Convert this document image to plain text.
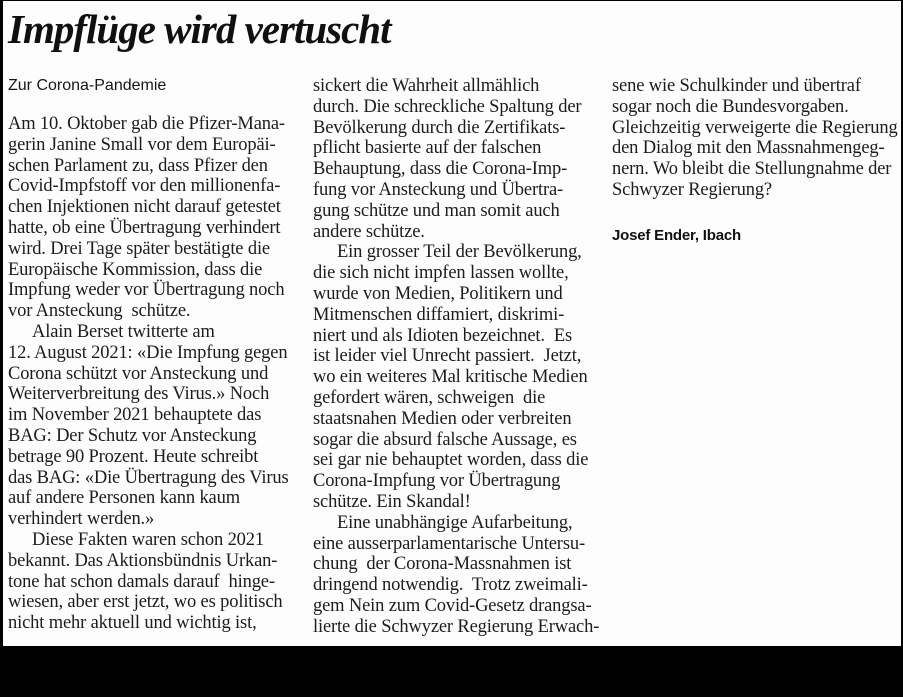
Impflüge wird vertuscht
Zur Corona-Pandemie
Am 10. Oktober gab die Pfizer-Mana-
gerin Janine Small vor dem Europäi-
schen Parlament zu, dass Pfizer den
Covid-Impfstoff vor den millionenfa-
chen Injektionen nicht darauf getestet
hatte, ob eine Übertragung verhindert
wird. Drei Tage später bestätigte die
Europäische Kommission, dass die
Impfung weder vor Übertragung noch
vor Ansteckung  schütze.
Alain Berset twitterte am
12. August 2021: «Die Impfung gegen
Corona schützt vor Ansteckung und
Weiterverbreitung des Virus.» Noch
im November 2021 behauptete das
BAG: Der Schutz vor Ansteckung
betrage 90 Prozent. Heute schreibt
das BAG: «Die Übertragung des Virus
auf andere Personen kann kaum
verhindert werden.»
Diese Fakten waren schon 2021
bekannt. Das Aktionsbündnis Urkan-
tone hat schon damals darauf  hinge-
wiesen, aber erst jetzt, wo es politisch
nicht mehr aktuell und wichtig ist,
sickert die Wahrheit allmählich
durch. Die schreckliche Spaltung der
Bevölkerung durch die Zertifikats-
pflicht basierte auf der falschen
Behauptung, dass die Corona-Imp-
fung vor Ansteckung und Übertra-
gung schütze und man somit auch
andere schütze.
Ein grosser Teil der Bevölkerung,
die sich nicht impfen lassen wollte,
wurde von Medien, Politikern und
Mitmenschen diffamiert, diskrimi-
niert und als Idioten bezeichnet.  Es
ist leider viel Unrecht passiert.  Jetzt,
wo ein weiteres Mal kritische Medien
gefordert wären, schweigen  die
staatsnahen Medien oder verbreiten
sogar die absurd falsche Aussage, es
sei gar nie behauptet worden, dass die
Corona-Impfung vor Übertragung
schütze. Ein Skandal!
Eine unabhängige Aufarbeitung,
eine ausserparlamentarische Untersu-
chung  der Corona-Massnahmen ist
dringend notwendig.  Trotz zweimali-
gem Nein zum Covid-Gesetz drangsa-
lierte die Schwyzer Regierung Erwach-
sene wie Schulkinder und übertraf
sogar noch die Bundesvorgaben.
Gleichzeitig verweigerte die Regierung
den Dialog mit den Massnahmengeg-
nern. Wo bleibt die Stellungnahme der
Schwyzer Regierung?
Josef Ender, Ibach
